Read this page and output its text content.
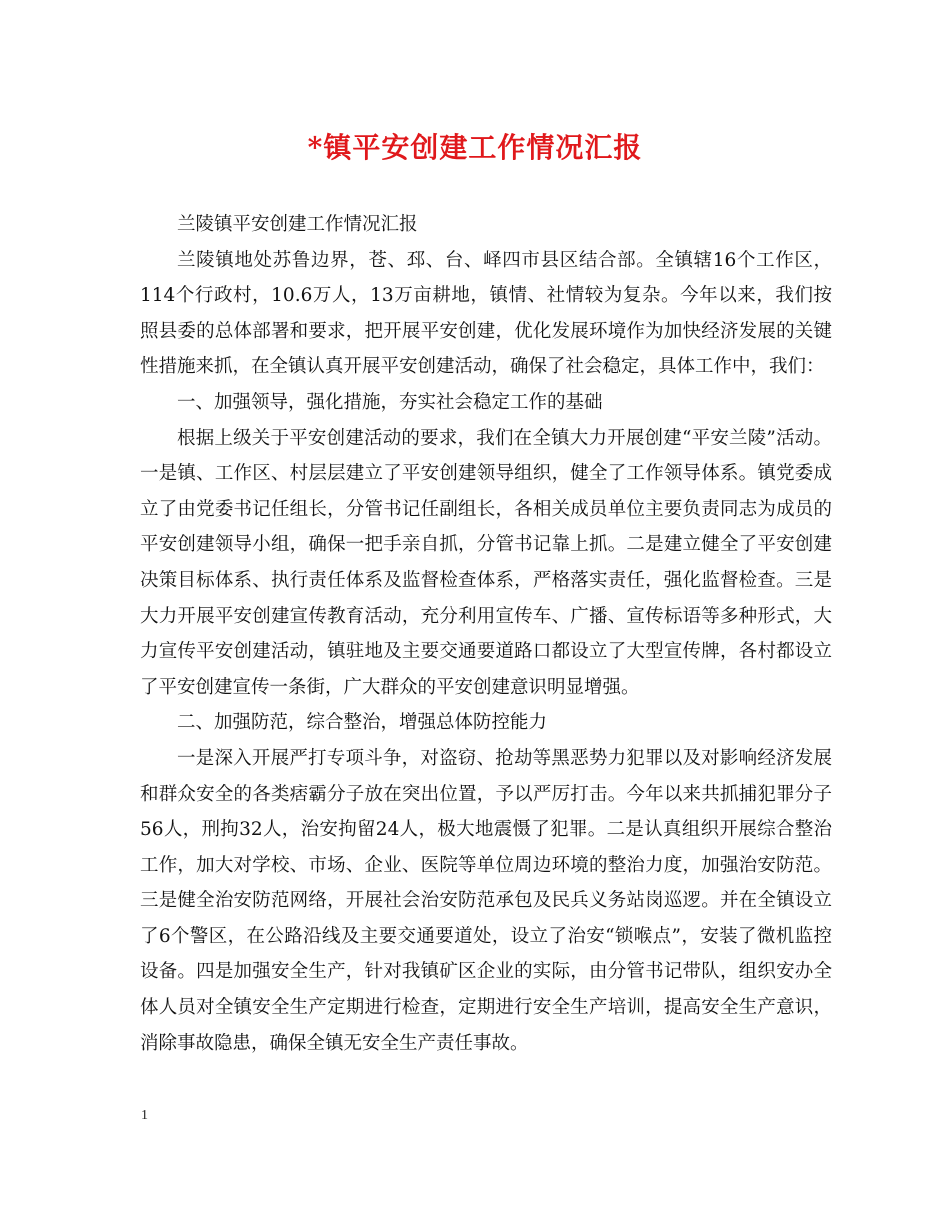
*镇平安创建工作情况汇报

兰陵镇平安创建工作情况汇报

兰陵镇地处苏鲁边界，苍、邳、台、峄四市县区结合部。全镇辖16个工作区，114个行政村，10.6万人，13万亩耕地，镇情、社情较为复杂。今年以来，我们按照县委的总体部署和要求，把开展平安创建，优化发展环境作为加快经济发展的关键性措施来抓，在全镇认真开展平安创建活动，确保了社会稳定，具体工作中，我们：

一、加强领导，强化措施，夯实社会稳定工作的基础

根据上级关于平安创建活动的要求，我们在全镇大力开展创建“平安兰陵”活动。一是镇、工作区、村层层建立了平安创建领导组织，健全了工作领导体系。镇党委成立了由党委书记任组长，分管书记任副组长，各相关成员单位主要负责同志为成员的平安创建领导小组，确保一把手亲自抓，分管书记靠上抓。二是建立健全了平安创建决策目标体系、执行责任体系及监督检查体系，严格落实责任，强化监督检查。三是大力开展平安创建宣传教育活动，充分利用宣传车、广播、宣传标语等多种形式，大力宣传平安创建活动，镇驻地及主要交通要道路口都设立了大型宣传牌，各村都设立了平安创建宣传一条街，广大群众的平安创建意识明显增强。

二、加强防范，综合整治，增强总体防控能力

一是深入开展严打专项斗争，对盗窃、抢劫等黑恶势力犯罪以及对影响经济发展和群众安全的各类痞霸分子放在突出位置，予以严厉打击。今年以来共抓捕犯罪分子56人，刑拘32人，治安拘留24人，极大地震慑了犯罪。二是认真组织开展综合整治工作，加大对学校、市场、企业、医院等单位周边环境的整治力度，加强治安防范。三是健全治安防范网络，开展社会治安防范承包及民兵义务站岗巡逻。并在全镇设立了6个警区，在公路沿线及主要交通要道处，设立了治安“锁喉点”，安装了微机监控设备。四是加强安全生产，针对我镇矿区企业的实际，由分管书记带队，组织安办全体人员对全镇安全生产定期进行检查，定期进行安全生产培训，提高安全生产意识，消除事故隐患，确保全镇无安全生产责任事故。

1
